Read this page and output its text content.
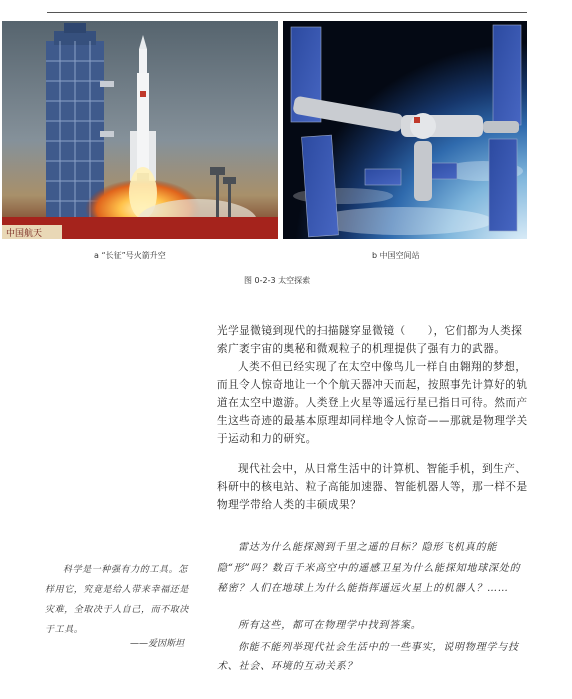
中国航天
a “长征”号火箭升空	b 中国空间站
图 0-2-3 太空探索
光学显微镜到现代的扫描隧穿显微镜（　　），它们都为人类探索广袤宇宙的奥秘和微观粒子的机理提供了强有力的武器。
人类不但已经实现了在太空中像鸟儿一样自由翱翔的梦想，而且令人惊奇地让一个个航天器冲天而起，按照事先计算好的轨道在太空中遨游。人类登上火星等遥远行星已指日可待。然而产生这些奇迹的最基本原理却同样地令人惊奇——那就是物理学关于运动和力的研究。
现代社会中，从日常生活中的计算机、智能手机，到生产、科研中的核电站、粒子高能加速器、智能机器人等，那一样不是物理学带给人类的丰硕成果？
雷达为什么能探测到千里之遥的目标？隐形飞机真的能隐“形”吗？数百千米高空中的遥感卫星为什么能探知地球深处的秘密？人们在地球上为什么能指挥遥远火星上的机器人？……
所有这些，都可在物理学中找到答案。
你能不能列举现代社会生活中的一些事实，说明物理学与技术、社会、环境的互动关系？
科学是一种强有力的工具。怎样用它，究竟是给人带来幸福还是灾难，全取决于人自己，而不取决于工具。
——爱因斯坦
